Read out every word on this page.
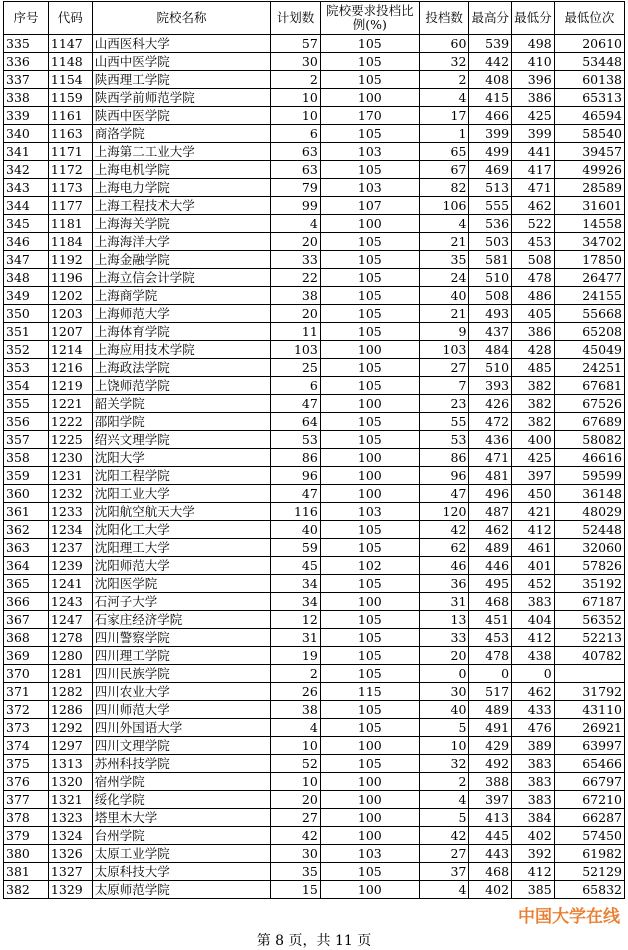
序号	代码	院校名称	计划数	院校要求投档比例(%)	投档数	最高分	最低分	最低位次
335	1147	山西医科大学	57	105	60	539	498	20610
336	1148	山西中医学院	30	105	32	442	410	53448
337	1154	陕西理工学院	2	105	2	408	396	60138
338	1159	陕西学前师范学院	10	100	4	415	386	65313
339	1161	陕西中医学院	10	170	17	466	425	46594
340	1163	商洛学院	6	105	1	399	399	58540
341	1171	上海第二工业大学	63	103	65	499	441	39457
342	1172	上海电机学院	63	105	67	469	417	49926
343	1173	上海电力学院	79	103	82	513	471	28589
344	1177	上海工程技术大学	99	107	106	555	462	31601
345	1181	上海海关学院	4	100	4	536	522	14558
346	1184	上海海洋大学	20	105	21	503	453	34702
347	1192	上海金融学院	33	105	35	581	508	17850
348	1196	上海立信会计学院	22	105	24	510	478	26477
349	1202	上海商学院	38	105	40	508	486	24155
350	1203	上海师范大学	20	105	21	493	405	55668
351	1207	上海体育学院	11	105	9	437	386	65208
352	1214	上海应用技术学院	103	100	103	484	428	45049
353	1216	上海政法学院	25	105	27	510	485	24251
354	1219	上饶师范学院	6	105	7	393	382	67681
355	1221	韶关学院	47	100	23	426	382	67526
356	1222	邵阳学院	64	105	55	472	382	67689
357	1225	绍兴文理学院	53	105	53	436	400	58082
358	1230	沈阳大学	86	100	86	471	425	46616
359	1231	沈阳工程学院	96	100	96	481	397	59599
360	1232	沈阳工业大学	47	100	47	496	450	36148
361	1233	沈阳航空航天大学	116	103	120	487	421	48029
362	1234	沈阳化工大学	40	105	42	462	412	52448
363	1237	沈阳理工大学	59	105	62	489	461	32060
364	1239	沈阳师范大学	45	102	46	446	401	57826
365	1241	沈阳医学院	34	105	36	495	452	35192
366	1243	石河子大学	34	100	31	468	383	67187
367	1247	石家庄经济学院	12	105	13	451	404	56352
368	1278	四川警察学院	31	105	33	453	412	52213
369	1280	四川理工学院	19	105	20	478	438	40782
370	1281	四川民族学院	2	105	0	0	0	
371	1282	四川农业大学	26	115	30	517	462	31792
372	1286	四川师范大学	38	105	40	489	433	43110
373	1292	四川外国语大学	4	105	5	491	476	26921
374	1297	四川文理学院	10	100	10	429	389	63997
375	1313	苏州科技学院	52	105	32	492	383	65466
376	1320	宿州学院	10	100	2	388	383	66797
377	1321	绥化学院	20	100	4	397	383	67210
378	1323	塔里木大学	27	100	5	413	384	66287
379	1324	台州学院	42	100	42	445	402	57450
380	1326	太原工业学院	30	103	27	443	392	61982
381	1327	太原科技大学	35	105	37	468	412	52129
382	1329	太原师范学院	15	100	4	402	385	65832
第 8 页，共 11 页
中国大学在线
